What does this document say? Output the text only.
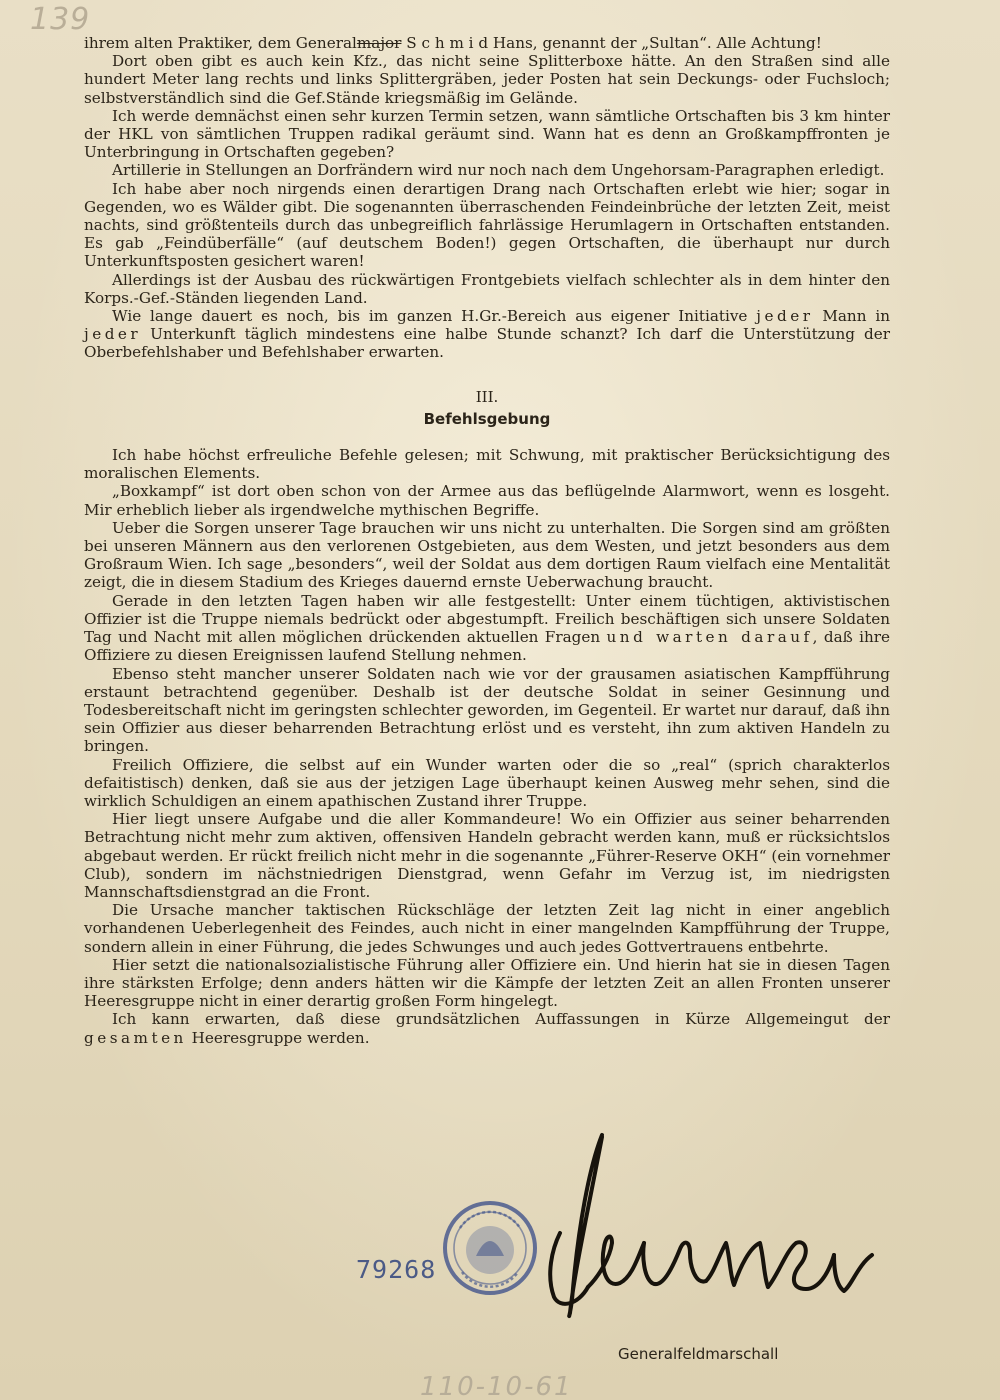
139

ihrem alten Praktiker, dem Generalmajor S c h m i d Hans, genannt der „Sultan“. Alle Achtung!

Dort oben gibt es auch kein Kfz., das nicht seine Splitterboxe hätte. An den Straßen sind alle hundert Meter lang rechts und links Splittergräben, jeder Posten hat sein Deckungs- oder Fuchsloch; selbstverständlich sind die Gef.Stände kriegsmäßig im Gelände.

Ich werde demnächst einen sehr kurzen Termin setzen, wann sämtliche Ortschaften bis 3 km hinter der HKL von sämtlichen Truppen radikal geräumt sind. Wann hat es denn an Großkampffronten je Unterbringung in Ortschaften gegeben?

Artillerie in Stellungen an Dorfrändern wird nur noch nach dem Ungehorsam-Paragraphen erledigt.

Ich habe aber noch nirgends einen derartigen Drang nach Ortschaften erlebt wie hier; sogar in Gegenden, wo es Wälder gibt. Die sogenannten überraschenden Feindeinbrüche der letzten Zeit, meist nachts, sind größtenteils durch das unbegreiflich fahrlässige Herumlagern in Ortschaften entstanden. Es gab „Feindüberfälle“ (auf deutschem Boden!) gegen Ortschaften, die überhaupt nur durch Unterkunftsposten gesichert waren!

Allerdings ist der Ausbau des rückwärtigen Frontgebiets vielfach schlechter als in dem hinter den Korps.-Gef.-Ständen liegenden Land.

Wie lange dauert es noch, bis im ganzen H.Gr.-Bereich aus eigener Initiative jeder Mann in jeder Unterkunft täglich mindestens eine halbe Stunde schanzt? Ich darf die Unterstützung der Oberbefehlshaber und Befehlshaber erwarten.

III.
Befehlsgebung

Ich habe höchst erfreuliche Befehle gelesen; mit Schwung, mit praktischer Berücksichtigung des moralischen Elements.

„Boxkampf“ ist dort oben schon von der Armee aus das beflügelnde Alarmwort, wenn es losgeht. Mir erheblich lieber als irgendwelche mythischen Begriffe.

Ueber die Sorgen unserer Tage brauchen wir uns nicht zu unterhalten. Die Sorgen sind am größten bei unseren Männern aus den verlorenen Ostgebieten, aus dem Westen, und jetzt besonders aus dem Großraum Wien. Ich sage „besonders“, weil der Soldat aus dem dortigen Raum vielfach eine Mentalität zeigt, die in diesem Stadium des Krieges dauernd ernste Ueberwachung braucht.

Gerade in den letzten Tagen haben wir alle festgestellt: Unter einem tüchtigen, aktivistischen Offizier ist die Truppe niemals bedrückt oder abgestumpft. Freilich beschäftigen sich unsere Soldaten Tag und Nacht mit allen möglichen drückenden aktuellen Fragen und warten darauf, daß ihre Offiziere zu diesen Ereignissen laufend Stellung nehmen.

Ebenso steht mancher unserer Soldaten nach wie vor der grausamen asiatischen Kampfführung erstaunt betrachtend gegenüber. Deshalb ist der deutsche Soldat in seiner Gesinnung und Todesbereitschaft nicht im geringsten schlechter geworden, im Gegenteil. Er wartet nur darauf, daß ihn sein Offizier aus dieser beharrenden Betrachtung erlöst und es versteht, ihn zum aktiven Handeln zu bringen.

Freilich Offiziere, die selbst auf ein Wunder warten oder die so „real“ (sprich charakterlos defaitistisch) denken, daß sie aus der jetzigen Lage überhaupt keinen Ausweg mehr sehen, sind die wirklich Schuldigen an einem apathischen Zustand ihrer Truppe.

Hier liegt unsere Aufgabe und die aller Kommandeure! Wo ein Offizier aus seiner beharrenden Betrachtung nicht mehr zum aktiven, offensiven Handeln gebracht werden kann, muß er rücksichtslos abgebaut werden. Er rückt freilich nicht mehr in die sogenannte „Führer-Reserve OKH“ (ein vornehmer Club), sondern im nächstniedrigen Dienstgrad, wenn Gefahr im Verzug ist, im niedrigsten Mannschaftsdienstgrad an die Front.

Die Ursache mancher taktischen Rückschläge der letzten Zeit lag nicht in einer angeblich vorhandenen Ueberlegenheit des Feindes, auch nicht in einer mangelnden Kampfführung der Truppe, sondern allein in einer Führung, die jedes Schwunges und auch jedes Gottvertrauens entbehrte.

Hier setzt die nationalsozialistische Führung aller Offiziere ein. Und hierin hat sie in diesen Tagen ihre stärksten Erfolge; denn anders hätten wir die Kämpfe der letzten Zeit an allen Fronten unserer Heeresgruppe nicht in einer derartig großen Form hingelegt.

Ich kann erwarten, daß diese grundsätzlichen Auffassungen in Kürze Allgemeingut der gesamten Heeresgruppe werden.

79268
Generalfeldmarschall
110-10-61
